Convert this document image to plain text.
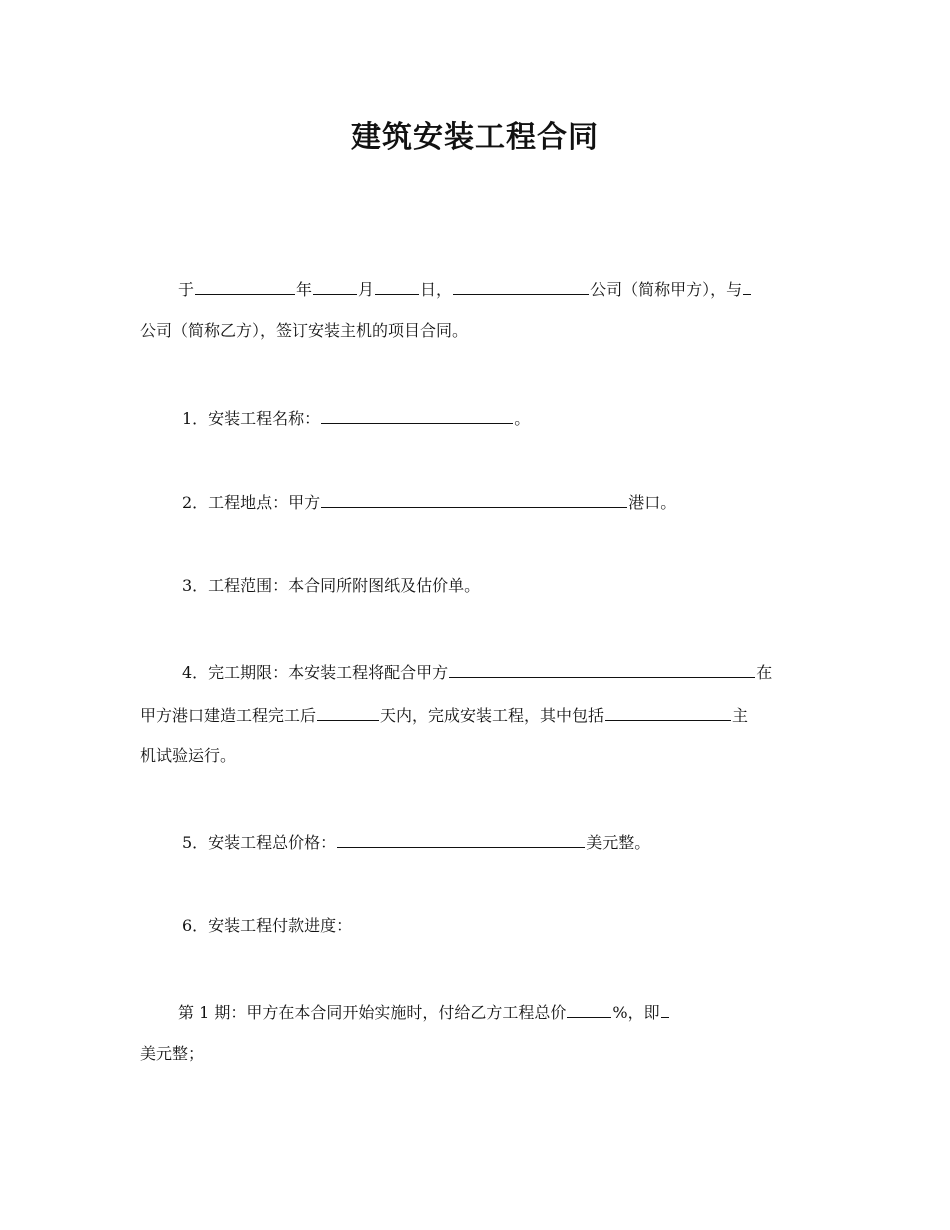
建筑安装工程合同
于	年	月	日，	公司（简称甲方），与
公司（简称乙方），签订安装主机的项目合同。
1．安装工程名称：	。
2．工程地点：甲方	港口。
3．工程范围：本合同所附图纸及估价单。
4．完工期限：本安装工程将配合甲方	在
甲方港口建造工程完工后	天内，完成安装工程，其中包括	主
机试验运行。
5．安装工程总价格：	美元整。
6．安装工程付款进度：
第 1 期：甲方在本合同开始实施时，付给乙方工程总价	%，即
美元整；
